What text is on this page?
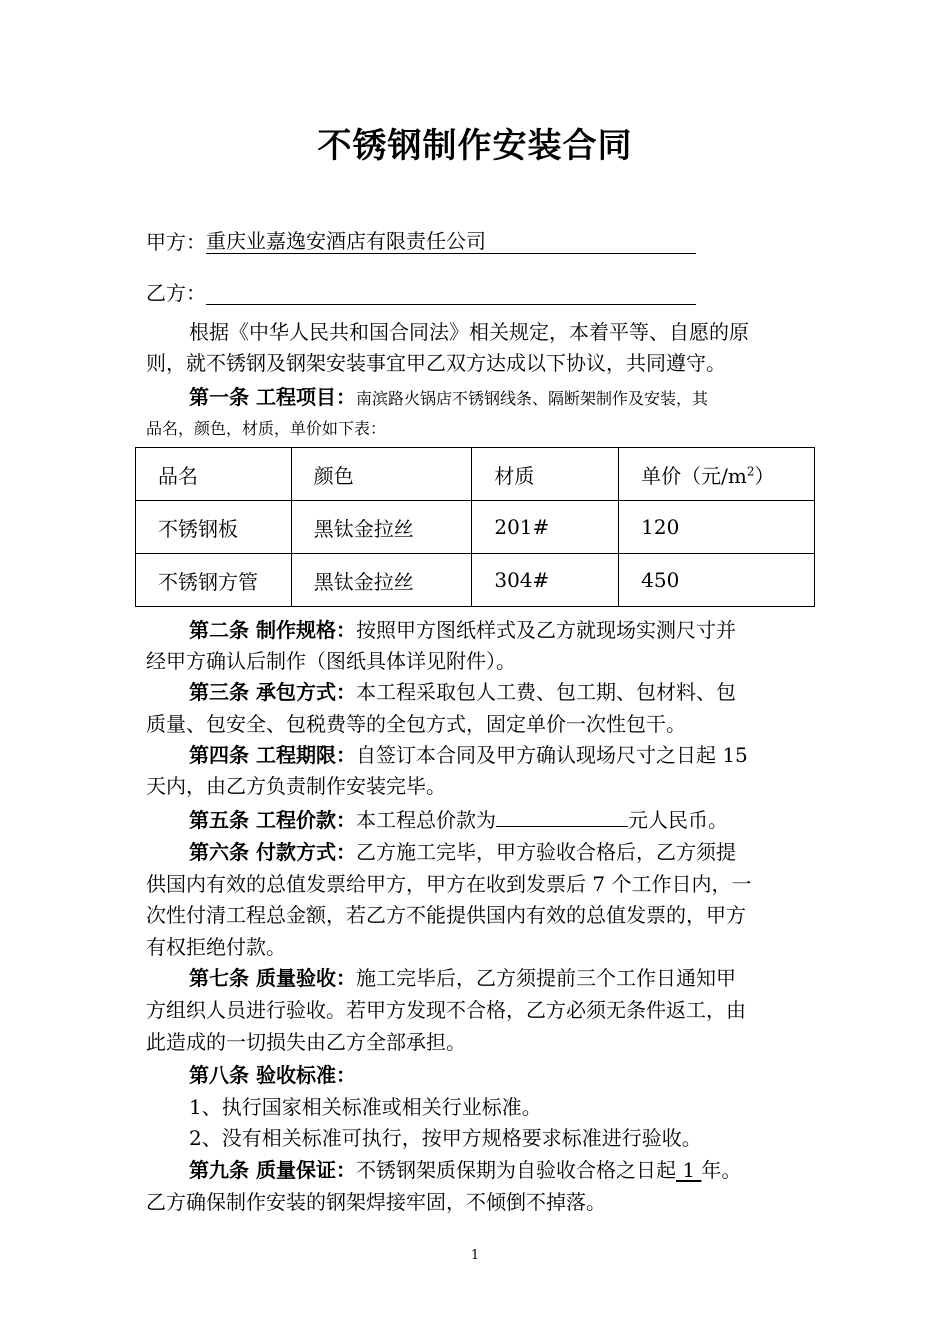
不锈钢制作安装合同
甲方：重庆业嘉逸安酒店有限责任公司
乙方：
根据《中华人民共和国合同法》相关规定，本着平等、自愿的原
则，就不锈钢及钢架安装事宜甲乙双方达成以下协议，共同遵守。
第一条 工程项目：南滨路火锅店不锈钢线条、隔断架制作及安装，其
品名，颜色，材质，单价如下表：
品名	颜色	材质	单价（元$/m^2$）
不锈钢板	黑钛金拉丝	201#	120
不锈钢方管	黑钛金拉丝	304#	450
第二条 制作规格：按照甲方图纸样式及乙方就现场实测尺寸并
经甲方确认后制作（图纸具体详见附件）。
第三条 承包方式：本工程采取包人工费、包工期、包材料、包
质量、包安全、包税费等的全包方式，固定单价一次性包干。
第四条 工程期限：自签订本合同及甲方确认现场尺寸之日起 15
天内，由乙方负责制作安装完毕。
第五条 工程价款：本工程总价款为	元人民币。
第六条 付款方式：乙方施工完毕，甲方验收合格后，乙方须提
供国内有效的总值发票给甲方，甲方在收到发票后 7 个工作日内，一
次性付清工程总金额，若乙方不能提供国内有效的总值发票的，甲方
有权拒绝付款。
第七条 质量验收：施工完毕后，乙方须提前三个工作日通知甲
方组织人员进行验收。若甲方发现不合格，乙方必须无条件返工，由
此造成的一切损失由乙方全部承担。
第八条 验收标准：
1、执行国家相关标准或相关行业标准。
2、没有相关标准可执行，按甲方规格要求标准进行验收。
第九条 质量保证：不锈钢架质保期为自验收合格之日起 1 年。
乙方确保制作安装的钢架焊接牢固，不倾倒不掉落。
1
